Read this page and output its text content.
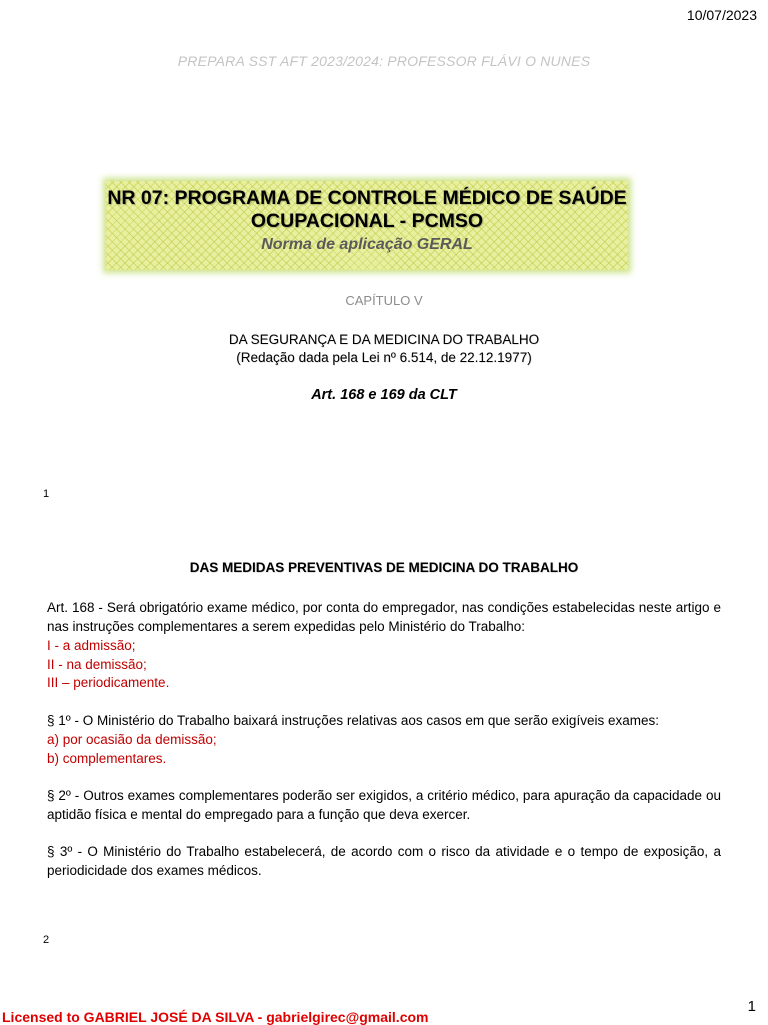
10/07/2023
PREPARA SST AFT 2023/2024: PROFESSOR FLÁVI O NUNES
NR 07: PROGRAMA DE CONTROLE MÉDICO DE SAÚDE
OCUPACIONAL - PCMSO
Norma de aplicação GERAL
CAPÍTULO V
DA SEGURANÇA E DA MEDICINA DO TRABALHO
(Redação dada pela Lei nº 6.514, de 22.12.1977)
Art. 168 e 169 da CLT
1
DAS MEDIDAS PREVENTIVAS DE MEDICINA DO TRABALHO
Art. 168 - Será obrigatório exame médico, por conta do empregador, nas condições estabelecidas neste artigo e nas instruções complementares a serem expedidas pelo Ministério do Trabalho:
I - a admissão;
II - na demissão;
III – periodicamente.
§ 1º - O Ministério do Trabalho baixará instruções relativas aos casos em que serão exigíveis exames:
a) por ocasião da demissão;
b) complementares.
§ 2º - Outros exames complementares poderão ser exigidos, a critério médico, para apuração da capacidade ou aptidão física e mental do empregado para a função que deva exercer.
§ 3º - O Ministério do Trabalho estabelecerá, de acordo com o risco da atividade e o tempo de exposição, a periodicidade dos exames médicos.
2
Licensed to GABRIEL JOSÉ DA SILVA - gabrielgirec@gmail.com
1
